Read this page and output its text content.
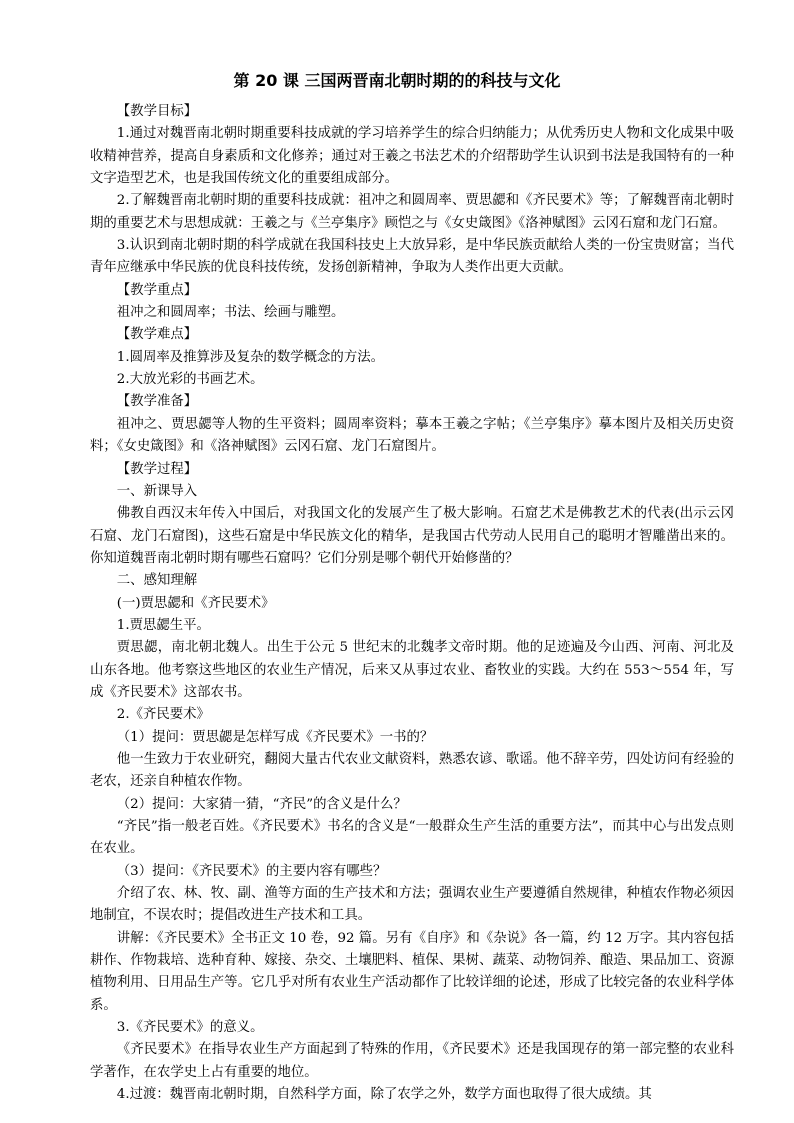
第 20 课 三国两晋南北朝时期的的科技与文化

【教学目标】

1.通过对魏晋南北朝时期重要科技成就的学习培养学生的综合归纳能力；从优秀历史人物和文化成果中吸收精神营养，提高自身素质和文化修养；通过对王羲之书法艺术的介绍帮助学生认识到书法是我国特有的一种文字造型艺术，也是我国传统文化的重要组成部分。

2.了解魏晋南北朝时期的重要科技成就：祖冲之和圆周率、贾思勰和《齐民要术》等；了解魏晋南北朝时期的重要艺术与思想成就：王羲之与《兰亭集序》顾恺之与《女史箴图》《洛神赋图》云冈石窟和龙门石窟。

3.认识到南北朝时期的科学成就在我国科技史上大放异彩，是中华民族贡献给人类的一份宝贵财富；当代青年应继承中华民族的优良科技传统，发扬创新精神，争取为人类作出更大贡献。

【教学重点】

祖冲之和圆周率；书法、绘画与雕塑。

【教学难点】

1.圆周率及推算涉及复杂的数学概念的方法。

2.大放光彩的书画艺术。

【教学准备】

祖冲之、贾思勰等人物的生平资料；圆周率资料；摹本王羲之字帖；《兰亭集序》摹本图片及相关历史资料；《女史箴图》和《洛神赋图》云冈石窟、龙门石窟图片。

【教学过程】

一、新课导入

佛教自西汉末年传入中国后，对我国文化的发展产生了极大影响。石窟艺术是佛教艺术的代表(出示云冈石窟、龙门石窟图)，这些石窟是中华民族文化的精华，是我国古代劳动人民用自己的聪明才智雕凿出来的。你知道魏晋南北朝时期有哪些石窟吗？它们分别是哪个朝代开始修凿的？

二、感知理解

(一)贾思勰和《齐民要术》

1.贾思勰生平。

贾思勰，南北朝北魏人。出生于公元 5 世纪末的北魏孝文帝时期。他的足迹遍及今山西、河南、河北及山东各地。他考察这些地区的农业生产情况，后来又从事过农业、畜牧业的实践。大约在 553～554 年，写成《齐民要术》这部农书。

2.《齐民要术》

（1）提问：贾思勰是怎样写成《齐民要术》一书的？

他一生致力于农业研究，翻阅大量古代农业文献资料，熟悉农谚、歌谣。他不辞辛劳，四处访问有经验的老农，还亲自种植农作物。

（2）提问：大家猜一猜，“齐民”的含义是什么？

“齐民”指一般老百姓。《齐民要术》书名的含义是“一般群众生产生活的重要方法”，而其中心与出发点则在农业。

（3）提问：《齐民要术》的主要内容有哪些？

介绍了农、林、牧、副、渔等方面的生产技术和方法；强调农业生产要遵循自然规律，种植农作物必须因地制宜，不误农时；提倡改进生产技术和工具。

讲解：《齐民要术》全书正文 10 卷，92 篇。另有《自序》和《杂说》各一篇，约 12 万字。其内容包括耕作、作物栽培、选种育种、嫁接、杂交、土壤肥料、植保、果树、蔬菜、动物饲养、酿造、果品加工、资源植物利用、日用品生产等。它几乎对所有农业生产活动都作了比较详细的论述，形成了比较完备的农业科学体系。

3.《齐民要术》的意义。

《齐民要术》在指导农业生产方面起到了特殊的作用，《齐民要术》还是我国现存的第一部完整的农业科学著作，在农学史上占有重要的地位。

4.过渡：魏晋南北朝时期，自然科学方面，除了农学之外，数学方面也取得了很大成绩。其
